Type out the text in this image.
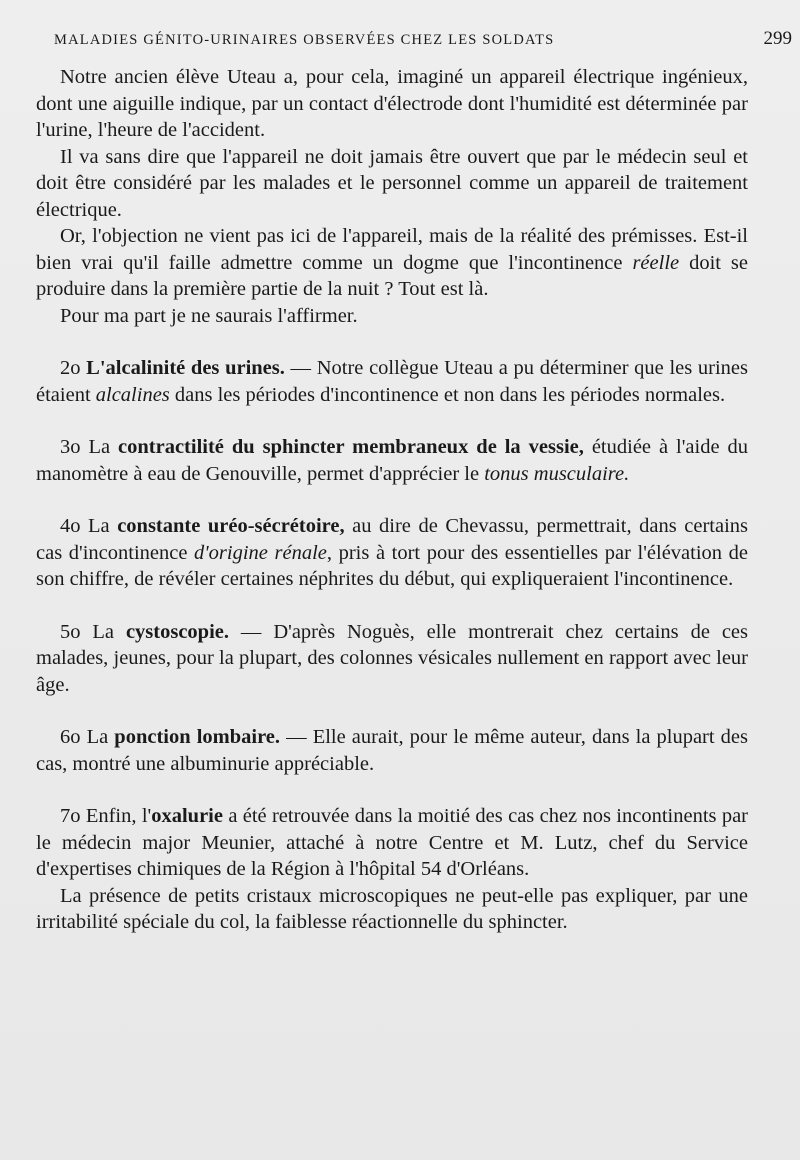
MALADIES GÉNITO-URINAIRES OBSERVÉES CHEZ LES SOLDATS	299

Notre ancien élève Uteau a, pour cela, imaginé un appareil électrique ingénieux, dont une aiguille indique, par un contact d'électrode dont l'humidité est déterminée par l'urine, l'heure de l'accident.

Il va sans dire que l'appareil ne doit jamais être ouvert que par le médecin seul et doit être considéré par les malades et le personnel comme un appareil de traitement électrique.

Or, l'objection ne vient pas ici de l'appareil, mais de la réalité des prémisses. Est-il bien vrai qu'il faille admettre comme un dogme que l'incontinence réelle doit se produire dans la première partie de la nuit ? Tout est là.

Pour ma part je ne saurais l'affirmer.

2o L'alcalinité des urines. — Notre collègue Uteau a pu déterminer que les urines étaient alcalines dans les périodes d'incontinence et non dans les périodes normales.

3o La contractilité du sphincter membraneux de la vessie, étudiée à l'aide du manomètre à eau de Genouville, permet d'apprécier le tonus musculaire.

4o La constante uréo-sécrétoire, au dire de Chevassu, permettrait, dans certains cas d'incontinence d'origine rénale, pris à tort pour des essentielles par l'élévation de son chiffre, de révéler certaines néphrites du début, qui expliqueraient l'incontinence.

5o La cystoscopie. — D'après Noguès, elle montrerait chez certains de ces malades, jeunes, pour la plupart, des colonnes vésicales nullement en rapport avec leur âge.

6o La ponction lombaire. — Elle aurait, pour le même auteur, dans la plupart des cas, montré une albuminurie appréciable.

7o Enfin, l'oxalurie a été retrouvée dans la moitié des cas chez nos incontinents par le médecin major Meunier, attaché à notre Centre et M. Lutz, chef du Service d'expertises chimiques de la Région à l'hôpital 54 d'Orléans.

La présence de petits cristaux microscopiques ne peut-elle pas expliquer, par une irritabilité spéciale du col, la faiblesse réactionnelle du sphincter.
